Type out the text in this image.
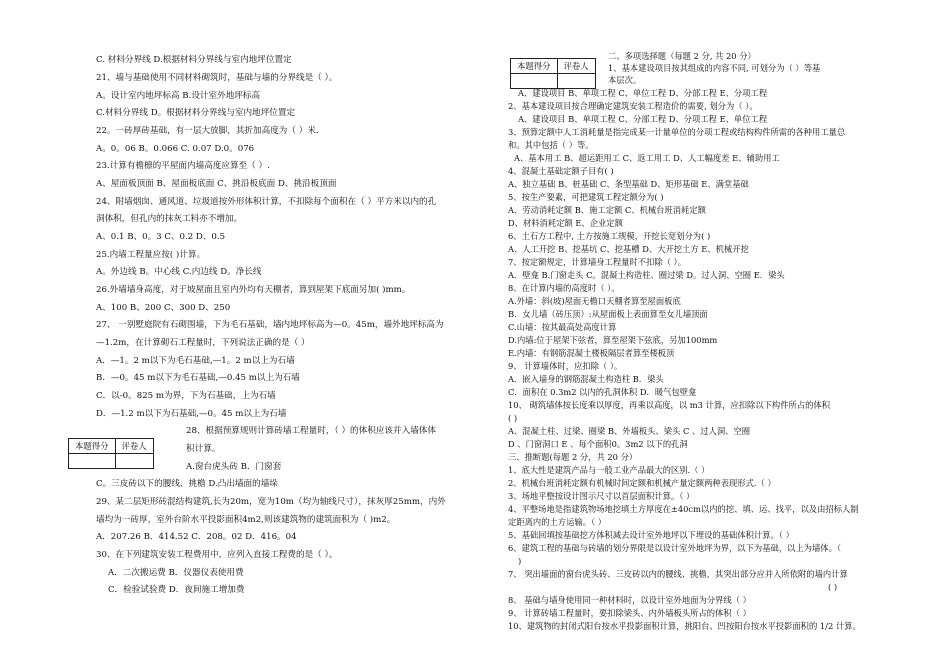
C. 材料分界线 D.根据材料分界线与室内地坪位置定
21、墙与基础使用不同材料砌筑时，基础与墙的分界线是（ ）。
A。设计室内地坪标高 B.设计室外地坪标高
C.材料分界线 D。根据材料分界线与室内地坪位置定
22。一砖厚砖基础，有一层大放脚，其折加高度为（ ）米．
A。0。06 B。0.066 C. 0.07 D.0。076
23.计算有檐檩的平屋面内墙高度应算至（ ）.
A、屋面板顶面 B、屋面板底面 C、挑沿板底面 D、挑沿板顶面
24、附墙烟囱、通风道、垃圾道按外形体积计算，不扣除每个面积在（ ）平方米以内的孔
洞体积，但孔内的抹灰工料亦不增加。
A、0.1 B、0。3 C、0.2 D、0.5
25.内墙工程量应按( )计算。
A。外边线 B。中心线 C.内边线 D。净长线
26.外墙墙身高度，对于坡屋面且室内外均有天棚者，算到屋架下底面另加( )mm。
A、100 B、200 C、300 D、250
27、 一别墅庭院有石砌围墙，下为毛石基础，墙内地坪标高为—0。45m，墙外地坪标高为
—1.2m，在计算砌石工程量时，下列说法正确的是（ ）
A．—1。2 m以下为毛石基础,—1。2 m以上为石墙
B．—0。45 m以下为毛石基础,—0.45 m以上为石墙
C．以-0。825 m为界，下为石基础，上为石墙
D．—1.2 m以下为石基础,—0。45 m以上为石墙
本题得分	评卷人

28、根据预算规则计算砖墙工程量时，（ ）的体积应该并入墙体体
积计算。
A.窗台虎头砖 B．门窗套
C。三皮砖以下的腰线、挑檐 D.凸出墙面的墙垛
29、某二层矩形砖混结构建筑,长为20m，宽为10m（均为轴线尺寸），抹灰厚25mm，内外
墙均为一砖厚，室外台阶水平投影面积4m2,则该建筑物的建筑面积为（ )m2。
A．207.26 B．414.52 C．208。02 D．416。04
30、在下列建筑安装工程费用中，应列入直接工程费的是（ ）。
A．二次搬运费 B．仪器仪表使用费
C．检验试验费 D．夜间施工增加费
本题得分	评卷人

二、多项选择题（每题 2 分, 共 20 分）
1、基本建设项目按其组成的内容不同, 可划分为（ ）等基
本层次。
A、建设项目 B、单项工程 C、单位工程 D、分部工程 E、分项工程
2、基本建设项目按合理确定建筑安装工程造价的需要, 划分为（ ）。
A、建设项目 B、单项工程 C、分部工程 D、分项工程 E、单位工程
3、预算定额中人工消耗量是指完成某一计量单位的分项工程或结构构件所需的各种用工量总
和。其中包括（ ）等。
A、基本用工 B、超运距用工 C、返工用工 D、人工幅度差 E、辅助用工
4、混凝土基础定额子目有( )
A、独立基础 B、桩基础 C、条型基础 D、矩形基础 E、满堂基础
5、按生产要素，可把建筑工程定额分为( )
A、劳动消耗定额 B、施工定额 C、机械台班消耗定额
D、材料消耗定额 E、企业定额
6、土石方工程中, 土方按施工规模，开挖长宽划分为( )
A、人工开挖 B、挖基坑 C、挖基槽 D、大开挖土方 E、机械开挖
7、按定额规定，计算墙身工程量时不扣除（ ）。
A．壁龛 B.门窗走头 C。混凝土构造柱、圈过梁 D。过人洞、空圈 E．梁头
8、在计算内墙的高度时（ ）。
A.外墙：斜(坡)屋面无檐口天棚者算至屋面板底
B．女儿墙（砖压顶）:从屋面板上表面算至女儿墙顶面
C.山墙：按其最高处高度计算
D.内墙:位于屋架下弦者，算至屋架下弦底，另加100mm
E.内墙：有钢筋混凝土楼板隔层者算至楼板顶
9、 计算墙体时，应扣除（ ）。
A．嵌入墙身的钢筋混凝土构造柱 B．梁头
C．面积在 0.3m2 以内的孔洞体积 D．暖气包壁龛
10、 砌筑墙体按长度乘以厚度，再乘以高度，以 m3 计算，应扣除以下构件所占的体积
( )
A、混凝土柱、过梁、圈梁 B、外墙板头、梁头 C 、过人洞、空圈
D 、门窗洞口 E 、每个面积0。3m2 以下的孔洞
三、推断题(每题 2 分，共 20 分）
1、底大性是建筑产品与一般工业产品最大的区别.（ ）
2、机械台班消耗定额有机械时间定额和机械产量定额两种表现形式.（ ）
3、场地平整按设计图示尺寸以首层面积计算。（ ）
4、平整场地是指建筑物场地挖填土方厚度在±40cm以内的挖、填、运、找平，以及由招标人制
定距离内的土方运输。（ ）
5、基础回填按基础挖方体积减去设计室外地坪以下埋设的基础体积计算。（ ）
6、建筑工程的基础与砖墙的划分界限是以设计室外地坪为界，以下为基础，以上为墙体。（
)
7、 突出墙面的窗台虎头砖、三皮砖以内的腰线、挑檐，其突出部分应并入所依附的墙内计算
( )
8、 基础与墙身使用同一种材料时，以设计室外地面为分界线（ ）
9、 计算砖墙工程量时，要扣除梁头、内外墙板头所占的体积（ ）
10、建筑物的封闭式阳台按水平投影面积计算，挑阳台、凹按阳台按水平投影面积的 1/2 计算。
